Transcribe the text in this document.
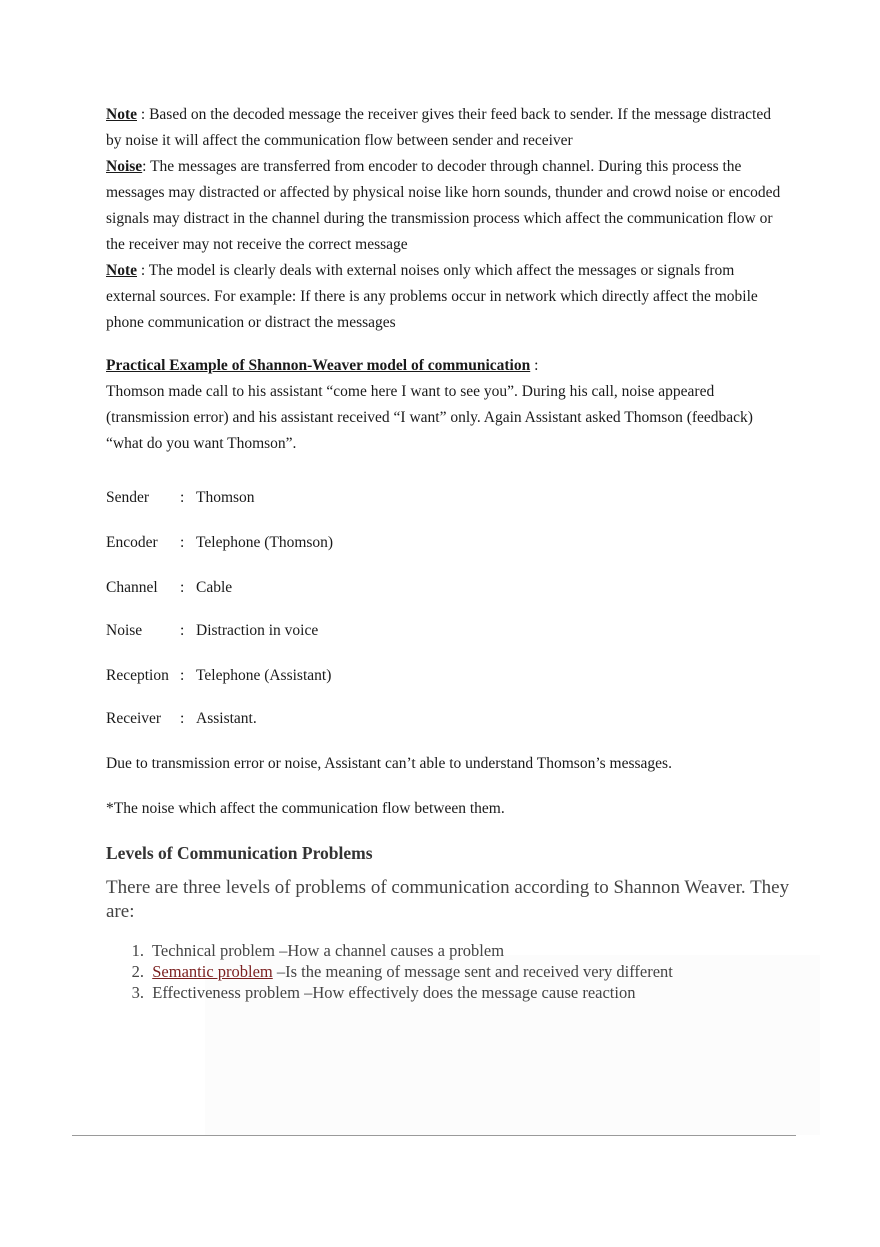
Note : Based on the decoded message the receiver gives their feed back to sender. If the message distracted by noise it will affect the communication flow between sender and receiver
Noise: The messages are transferred from encoder to decoder through channel. During this process the messages may distracted or affected by physical noise like horn sounds, thunder and crowd noise or encoded signals may distract in the channel during the transmission process which affect the communication flow or the receiver may not receive the correct message
Note : The model is clearly deals with external noises only which affect the messages or signals from external sources. For example: If there is any problems occur in network which directly affect the mobile phone communication or distract the messages
Practical Example of Shannon-Weaver model of communication :
Thomson made call to his assistant “come here I want to see you”. During his call, noise appeared (transmission error) and his assistant received “I want” only. Again Assistant asked Thomson (feedback) “what do you want Thomson”.
Sender : Thomson
Encoder : Telephone (Thomson)
Channel : Cable
Noise : Distraction in voice
Reception : Telephone (Assistant)
Receiver : Assistant.
Due to transmission error or noise, Assistant can’t able to understand Thomson’s messages.
*The noise which affect the communication flow between them.
Levels of Communication Problems
There are three levels of problems of communication according to Shannon Weaver. They are:
1. Technical problem –How a channel causes a problem
2. Semantic problem –Is the meaning of message sent and received very different
3. Effectiveness problem –How effectively does the message cause reaction
